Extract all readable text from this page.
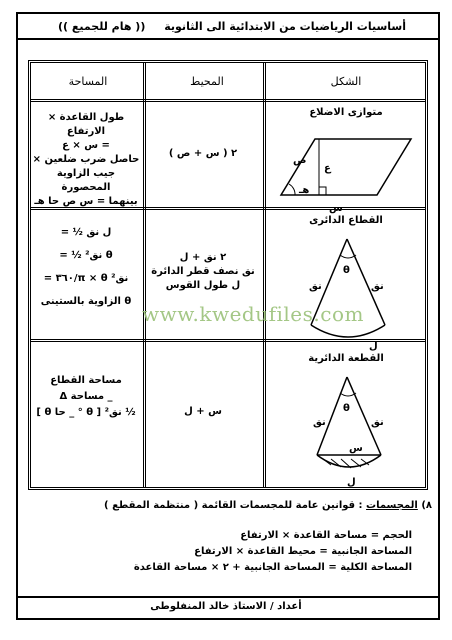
أساسيات الرياضيات من الابتدائية الى الثانوية
(( هام للجميع ))
الشكل
المحيط
المساحة
متوازى الاضلاع
ص
ع
هـ
س
٢ ( س + ص )
طول القاعدة × الارتفاع
= س × ع
حاصل ضرب ضلعين ×
جيب الزاوية المحصورة
بينهما = س ص حا هـ
القطاع الدائرى
θ
نق	نق
ل
٢ نق + ل
نق نصف قطر الدائرة
ل طول القوس
ل نق ½ =
θ نق² ½ =
نق² π × θ/٣٦٠ =
θ الزاوية بالستينى
القطعة الدائرية
θ
نق	نق
س
ل
س + ل
مساحة القطاع
_ مساحة Δ
½ نق² [ θ ° _ حا θ ]
www.kwedufiles.com
٨) المجسمات : قوانين عامة للمجسمات القائمة ( منتظمة المقطع )
الحجم = مساحة القاعدة × الارتفاع
المساحة الجانبية = محيط القاعدة × الارتفاع
المساحة الكلية = المساحة الجانبية + ٢ × مساحة القاعدة
أعداد / الاستاذ خالد المنفلوطى
